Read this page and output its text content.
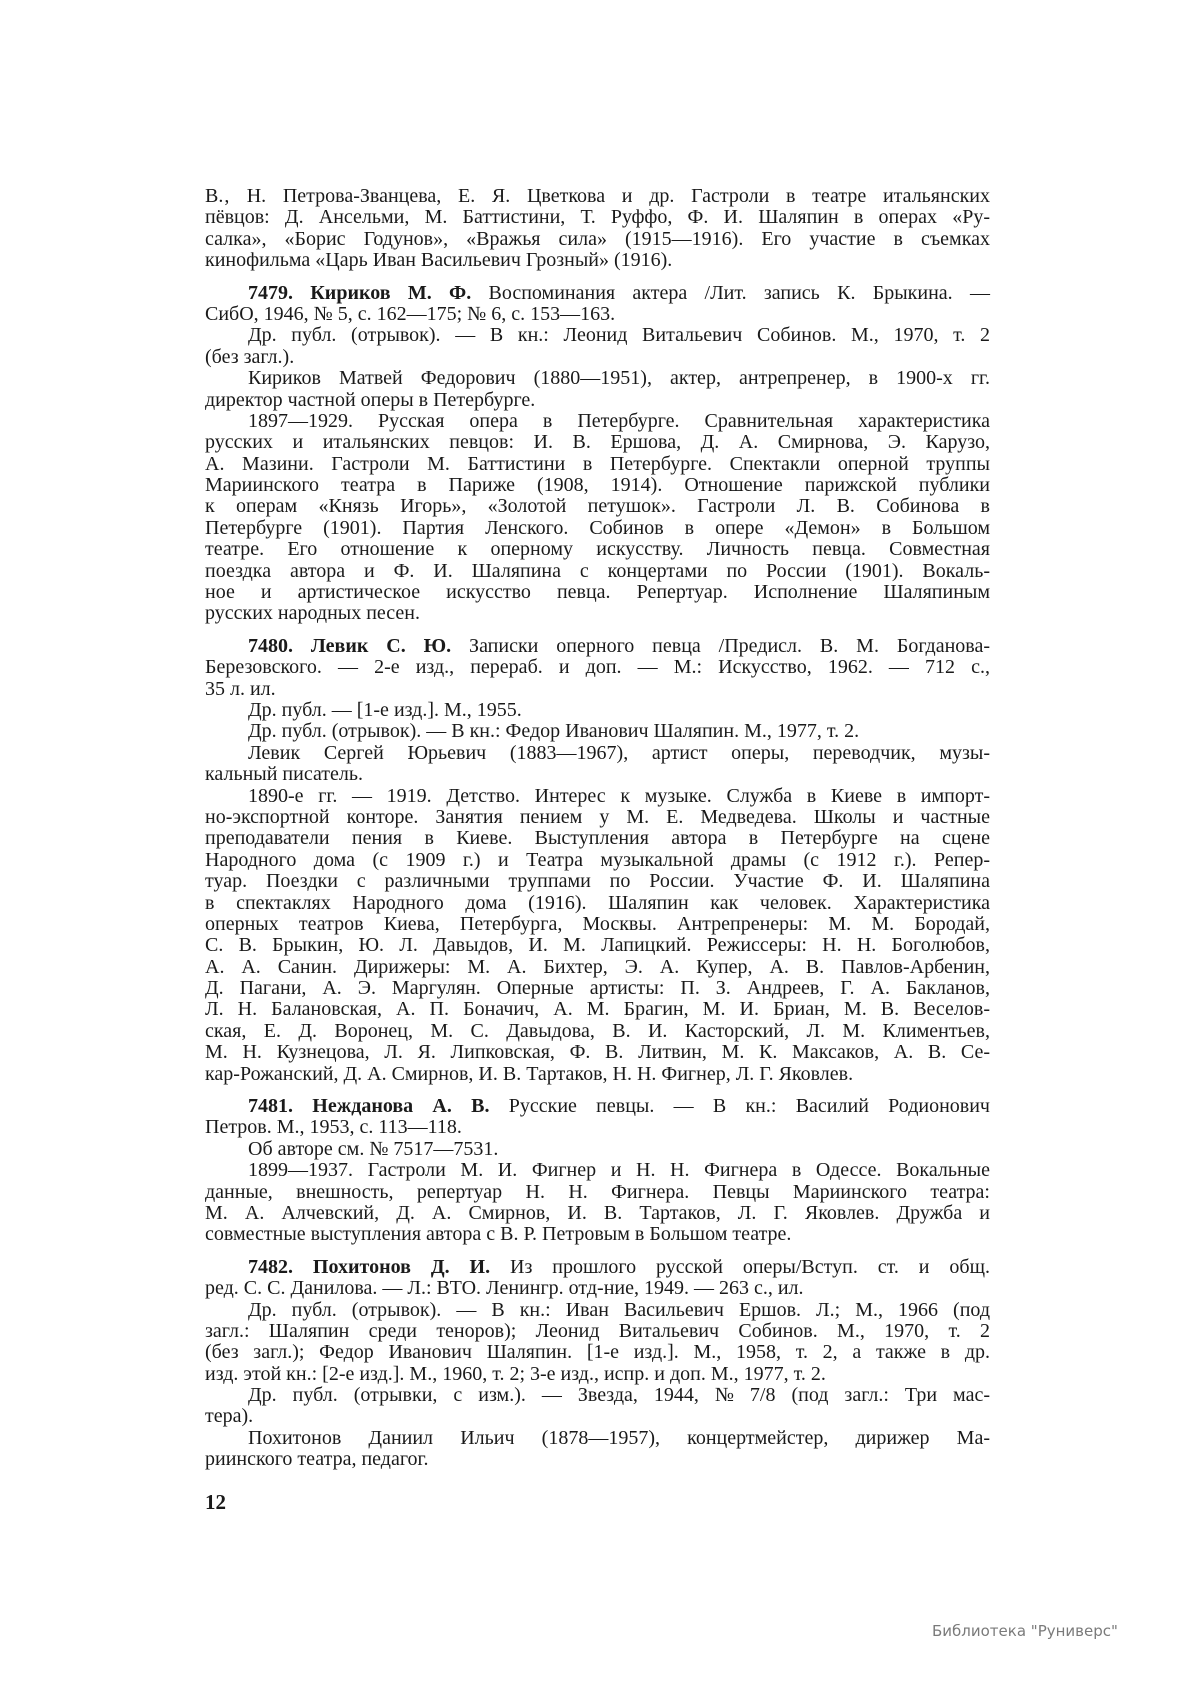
В.‚ Н. Петрова-Званцева, Е. Я. Цветкова и др. Гастроли в театре итальянских
пёвцов: Д. Ансельми, М. Баттистини, Т. Руффо, Ф. И. Шаляпин в операх «Ру-
салка», «Борис Годунов», «Вражья сила» (1915—1916). Его участие в съемках
кинофильма «Царь Иван Васильевич Грозный» (1916).
7479. Кириков М. Ф. Воспоминания актера /Лит. запись К. Брыкина. —
СибО, 1946, № 5, с. 162—175; № 6, с. 153—163.
Др. публ. (отрывок). — В кн.: Леонид Витальевич Собинов. М., 1970, т. 2
(без загл.).
Кириков Матвей Федорович (1880—1951), актер, антрепренер, в 1900-х гг.
директор частной оперы в Петербурге.
1897—1929. Русская опера в Петербурге. Сравнительная характеристика
русских и итальянских певцов: И. В. Ершова, Д. А. Смирнова, Э. Карузо,
А. Мазини. Гастроли М. Баттистини в Петербурге. Спектакли оперной труппы
Мариинского театра в Париже (1908, 1914). Отношение парижской публики
к операм «Князь Игорь», «Золотой петушок». Гастроли Л. В. Собинова в
Петербурге (1901). Партия Ленского. Собинов в опере «Демон» в Большом
театре. Его отношение к оперному искусству. Личность певца. Совместная
поездка автора и Ф. И. Шаляпина с концертами по России (1901). Вокаль-
ное и артистическое искусство певца. Репертуар. Исполнение Шаляпиным
русских народных песен.
7480. Левик С. Ю. Записки оперного певца /Предисл. В. М. Богданова-
Березовского. — 2-е изд., перераб. и доп. — М.: Искусство, 1962. — 712 с.,
35 л. ил.
Др. публ. — [1-е изд.]. М., 1955.
Др. публ. (отрывок). — В кн.: Федор Иванович Шаляпин. М., 1977, т. 2.
Левик Сергей Юрьевич (1883—1967), артист оперы, переводчик, музы-
кальный писатель.
1890-е гг. — 1919. Детство. Интерес к музыке. Служба в Киеве в импорт-
но-экспортной конторе. Занятия пением у М. Е. Медведева. Школы и частные
преподаватели пения в Киеве. Выступления автора в Петербурге на сцене
Народного дома (с 1909 г.) и Театра музыкальной драмы (с 1912 г.). Репер-
туар. Поездки с различными труппами по России. Участие Ф. И. Шаляпина
в спектаклях Народного дома (1916). Шаляпин как человек. Характеристика
оперных театров Киева, Петербурга, Москвы. Антрепренеры: М. М. Бородай,
С. В. Брыкин, Ю. Л. Давыдов, И. М. Лапицкий. Режиссеры: Н. Н. Боголюбов,
А. А. Санин. Дирижеры: М. А. Бихтер, Э. А. Купер, А. В. Павлов-Арбенин,
Д. Пагани, А. Э. Маргулян. Оперные артисты: П. З. Андреев, Г. А. Бакланов,
Л. Н. Балановская, А. П. Боначич, А. М. Брагин, М. И. Бриан, М. В. Веселов-
ская, Е. Д. Воронец, М. С. Давыдова, В. И. Касторский, Л. М. Климентьев,
М. Н. Кузнецова, Л. Я. Липковская, Ф. В. Литвин, М. К. Максаков, А. В. Се-
кар-Рожанский, Д. А. Смирнов, И. В. Тартаков, Н. Н. Фигнер, Л. Г. Яковлев.
7481. Нежданова А. В. Русские певцы. — В кн.: Василий Родионович
Петров. М., 1953, с. 113—118.
Об авторе см. № 7517—7531.
1899—1937. Гастроли М. И. Фигнер и Н. Н. Фигнера в Одессе. Вокальные
данные, внешность, репертуар Н. Н. Фигнера. Певцы Мариинского театра:
М. А. Алчевский, Д. А. Смирнов, И. В. Тартаков, Л. Г. Яковлев. Дружба и
совместные выступления автора с В. Р. Петровым в Большом театре.
7482. Похитонов Д. И. Из прошлого русской оперы/Вступ. ст. и общ.
ред. С. С. Данилова. — Л.: ВТО. Ленингр. отд-ние, 1949. — 263 с., ил.
Др. публ. (отрывок). — В кн.: Иван Васильевич Ершов. Л.; М., 1966 (под
загл.: Шаляпин среди теноров); Леонид Витальевич Собинов. М., 1970, т. 2
(без загл.); Федор Иванович Шаляпин. [1-е изд.]. М., 1958, т. 2, а также в др.
изд. этой кн.: [2-е изд.]. М., 1960, т. 2; 3-е изд., испр. и доп. М., 1977, т. 2.
Др. публ. (отрывки, с изм.). — Звезда, 1944, № 7/8 (под загл.: Три мас-
тера).
Похитонов Даниил Ильич (1878—1957), концертмейстер, дирижер Ма-
риинского театра, педагог.
12
Библиотека "Руниверс"
